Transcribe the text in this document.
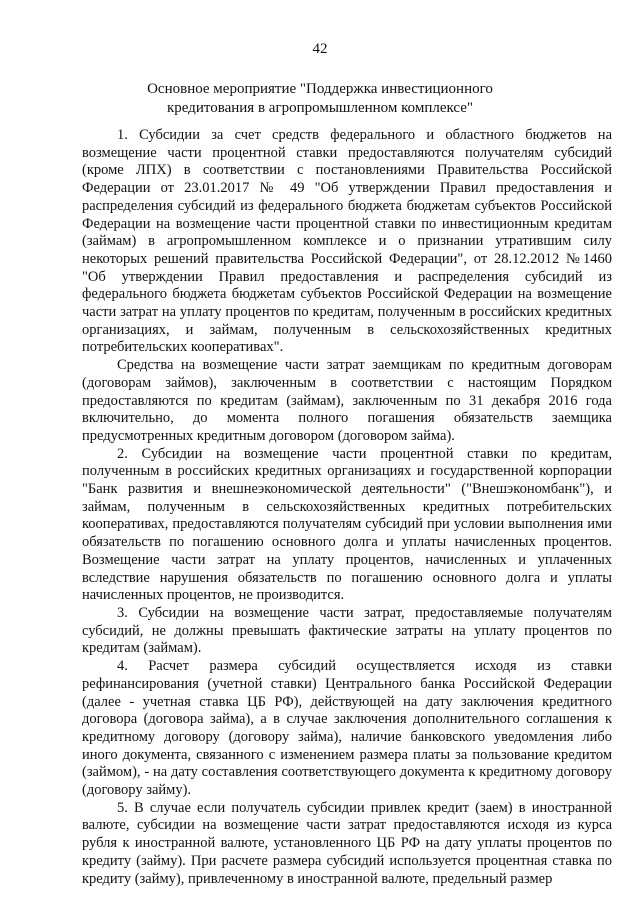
42
Основное мероприятие "Поддержка инвестиционного кредитования в агропромышленном комплексе"

1. Субсидии за счет средств федерального и областного бюджетов на возмещение части процентной ставки предоставляются получателям субсидий (кроме ЛПХ) в соответствии с постановлениями Правительства Российской Федерации от 23.01.2017 № 49 "Об утверждении Правил предоставления и распределения субсидий из федерального бюджета бюджетам субъектов Российской Федерации на возмещение части процентной ставки по инвестиционным кредитам (займам) в агропромышленном комплексе и о признании утратившим силу некоторых решений правительства Российской Федерации", от 28.12.2012 №1460 "Об утверждении Правил предоставления и распределения субсидий из федерального бюджета бюджетам субъектов Российской Федерации на возмещение части затрат на уплату процентов по кредитам, полученным в российских кредитных организациях, и займам, полученным в сельскохозяйственных кредитных потребительских кооперативах".

Средства на возмещение части затрат заемщикам по кредитным договорам (договорам займов), заключенным в соответствии с настоящим Порядком предоставляются по кредитам (займам), заключенным по 31 декабря 2016 года включительно, до момента полного погашения обязательств заемщика предусмотренных кредитным договором (договором займа).

2. Субсидии на возмещение части процентной ставки по кредитам, полученным в российских кредитных организациях и государственной корпорации "Банк развития и внешнеэкономической деятельности" ("Внешэкономбанк"), и займам, полученным в сельскохозяйственных кредитных потребительских кооперативах, предоставляются получателям субсидий при условии выполнения ими обязательств по погашению основного долга и уплаты начисленных процентов. Возмещение части затрат на уплату процентов, начисленных и уплаченных вследствие нарушения обязательств по погашению основного долга и уплаты начисленных процентов, не производится.

3. Субсидии на возмещение части затрат, предоставляемые получателям субсидий, не должны превышать фактические затраты на уплату процентов по кредитам (займам).

4. Расчет размера субсидий осуществляется исходя из ставки рефинансирования (учетной ставки) Центрального банка Российской Федерации (далее - учетная ставка ЦБ РФ), действующей на дату заключения кредитного договора (договора займа), а в случае заключения дополнительного соглашения к кредитному договору (договору займа), наличие банковского уведомления либо иного документа, связанного с изменением размера платы за пользование кредитом (займом), - на дату составления соответствующего документа к кредитному договору (договору займу).

5. В случае если получатель субсидии привлек кредит (заем) в иностранной валюте, субсидии на возмещение части затрат предоставляются исходя из курса рубля к иностранной валюте, установленного ЦБ РФ на дату уплаты процентов по кредиту (займу). При расчете размера субсидий используется процентная ставка по кредиту (займу), привлеченному в иностранной валюте, предельный размер
